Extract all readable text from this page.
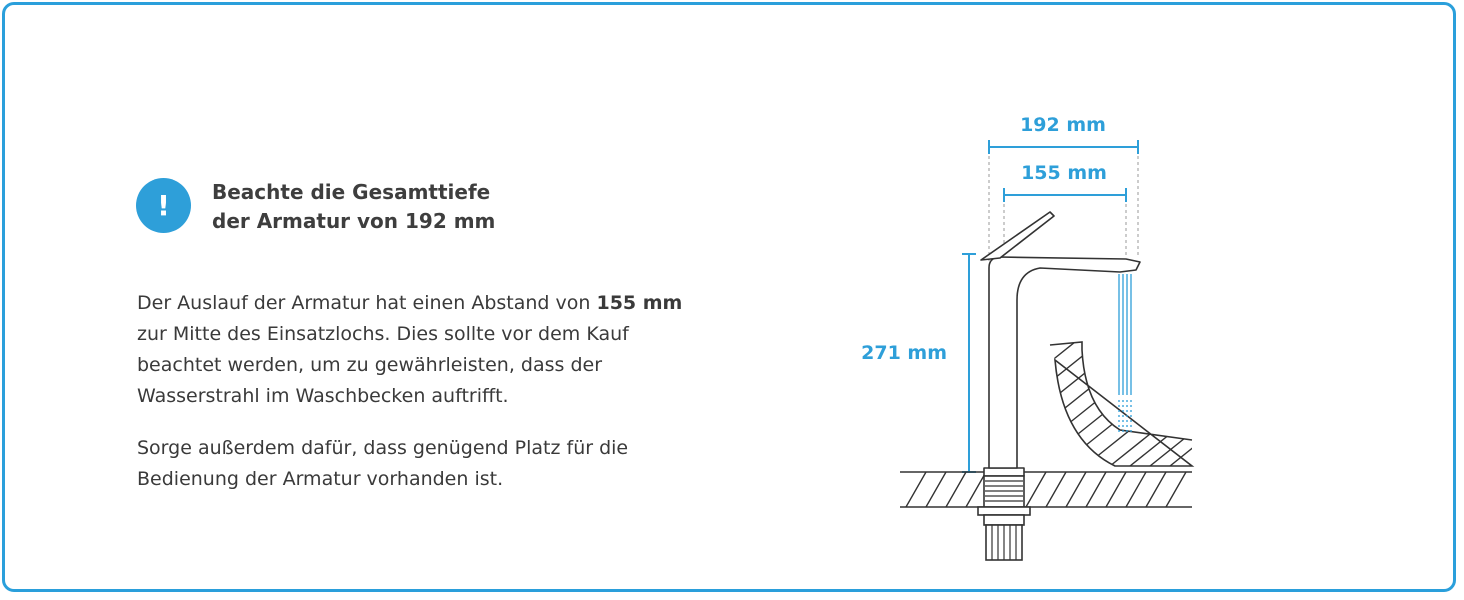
! Beachte die Gesamttiefe
der Armatur von 192 mm

Der Auslauf der Armatur hat einen Abstand von 155 mm zur Mitte des Einsatzlochs. Dies sollte vor dem Kauf beachtet werden, um zu gewährleisten, dass der Wasserstrahl im Waschbecken auftrifft.

Sorge außerdem dafür, dass genügend Platz für die Bedienung der Armatur vorhanden ist.

192 mm
155 mm
271 mm
